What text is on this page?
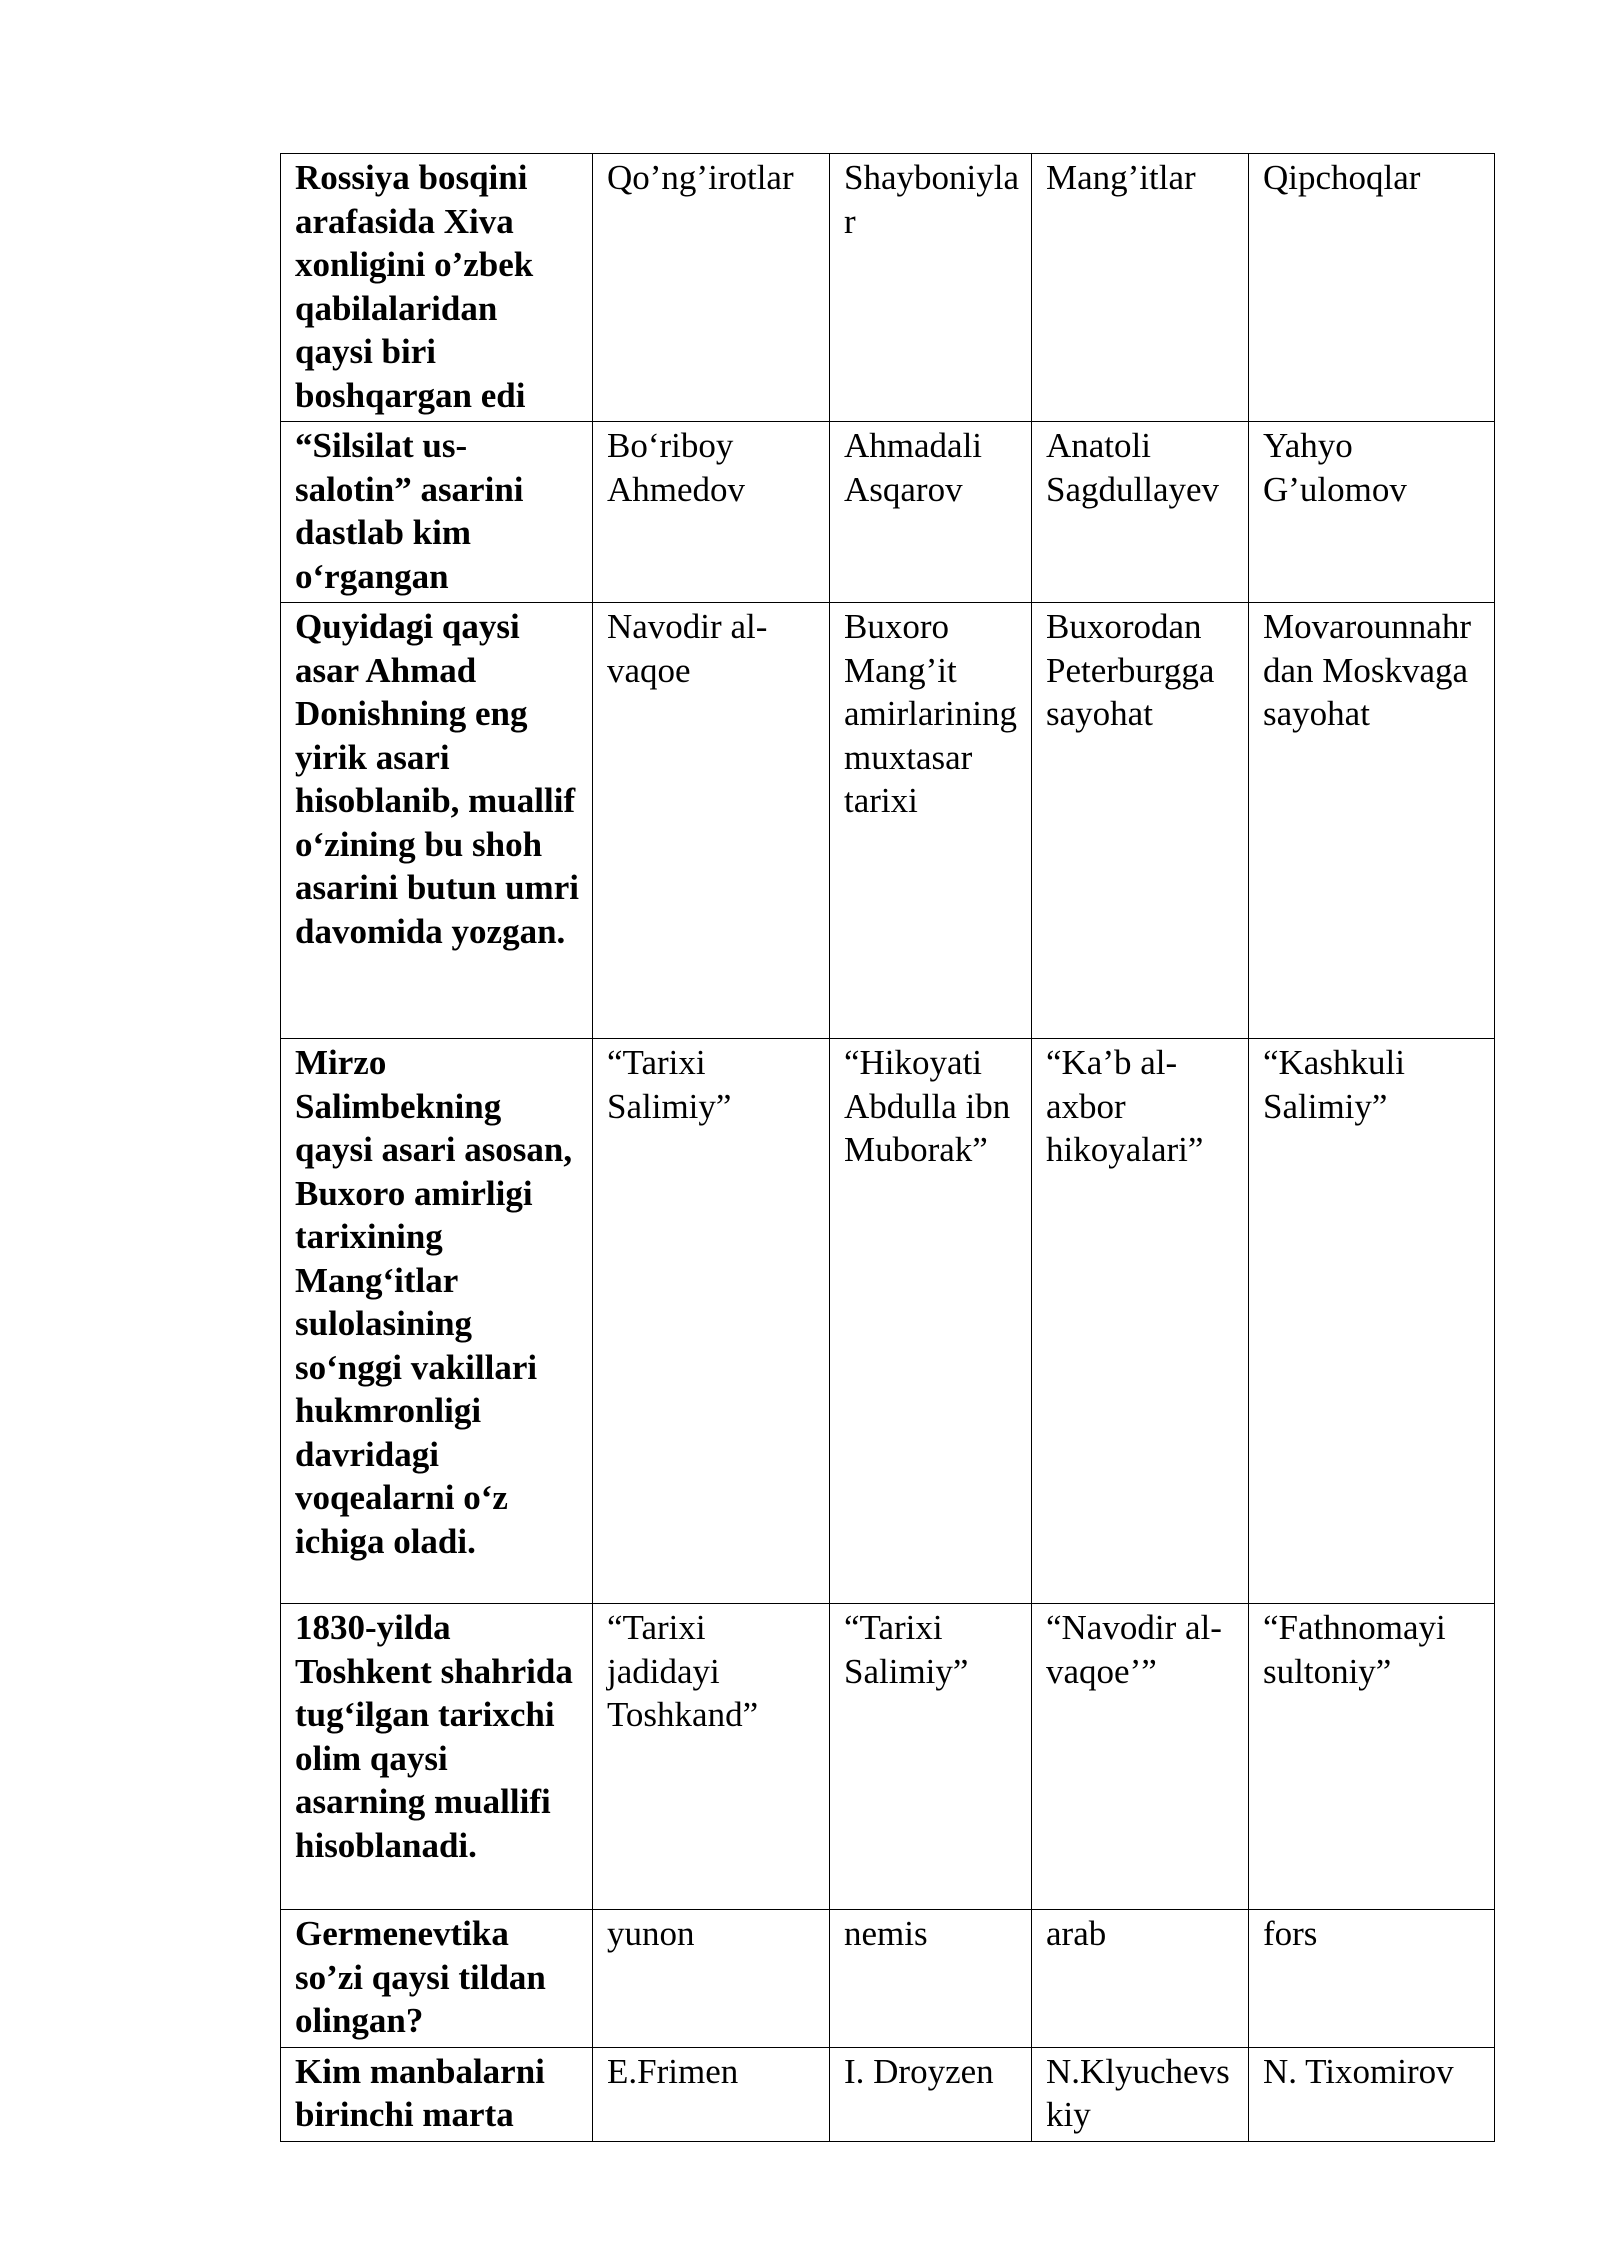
Rossiya bosqini arafasida Xiva xonligini o’zbek qabilalaridan qaysi biri boshqargan edi	Qo’ng’irotlar	Shayboniylar	Mang’itlar	Qipchoqlar
“Silsilat us-salotin” asarini dastlab kim o‘rgangan	Bo‘riboy Ahmedov	Ahmadali Asqarov	Anatoli Sagdullayev	Yahyo G’ulomov
Quyidagi qaysi asar Ahmad Donishning eng yirik asari hisoblanib, muallif o‘zining bu shoh asarini butun umri davomida yozgan.	Navodir al-vaqoe	Buxoro Mang’it amirlarining muxtasar tarixi	Buxorodan Peterburgga sayohat	Movarounnahrdan Moskvaga sayohat
Mirzo Salimbekning qaysi asari asosan, Buxoro amirligi tarixining Mang‘itlar sulolasining so‘nggi vakillari hukmronligi davridagi voqealarni o‘z ichiga oladi.	“Tarixi Salimiy”	“Hikoyati Abdulla ibn Muborak”	“Ka’b al-axbor hikoyalari”	“Kashkuli Salimiy”
1830-yilda Toshkent shahrida tug‘ilgan tarixchi olim qaysi asarning muallifi hisoblanadi.	“Tarixi jadidayi Toshkand”	“Tarixi Salimiy”	“Navodir al-vaqoe’”	“Fathnomayi sultoniy”
Germenevtika so’zi qaysi tildan olingan?	yunon	nemis	arab	fors
Kim manbalarni birinchi marta	E.Frimen	I. Droyzen	N.Klyuchevskiy	N. Tixomirov
